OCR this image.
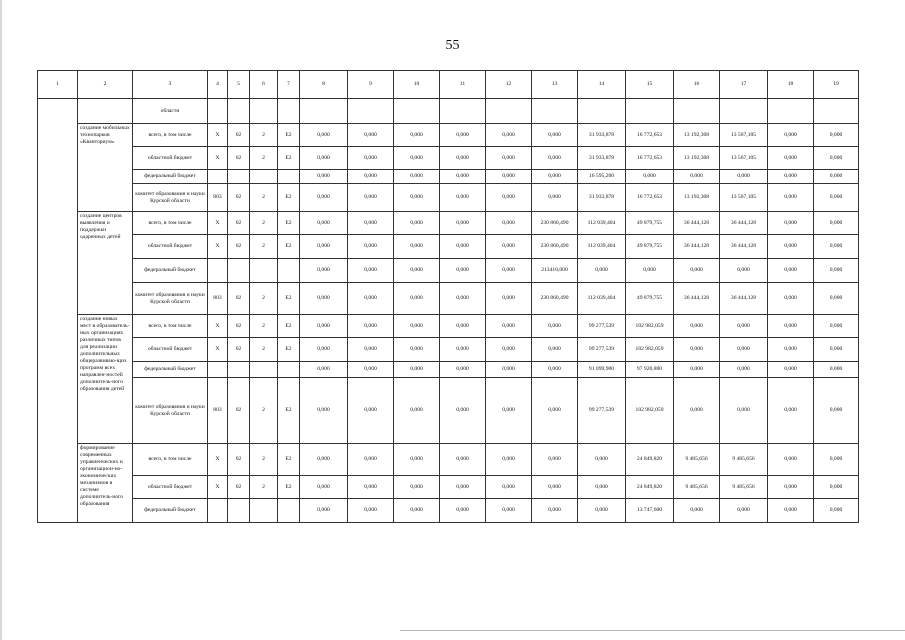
55
1	2	3	4	5	6	7	8	9	10	11	12	13	14	15	16	17	18	19
		области																
	создание мобильных технопарков «Кванториум»	всего, в том числе	X	02	2	E2	0,000	0,000	0,000	0,000	0,000	0,000	31 933,878	16 772,653	13 192,308	13 567,105	0,000	0,000
		областной бюджет	X	02	2	E2	0,000	0,000	0,000	0,000	0,000	0,000	31 933,878	16 772,653	13 192,308	13 567,105	0,000	0,000
		федеральный бюджет					0,000	0,000	0,000	0,000	0,000	0,000	16 595,200	0,000	0,000	0,000	0,000	0,000
		комитет образования и науки Курской области	803	02	2	E2	0,000	0,000	0,000	0,000	0,000	0,000	31 933,878	16 772,653	13 192,308	13 567,105	0,000	0,000
	создание центров выявления и поддержки одаренных детей	всего, в том числе	X	02	2	E2	0,000	0,000	0,000	0,000	0,000	230 860,490	112 039,404	49 879,755	36 444,128	36 444,128	0,000	0,000
		областной бюджет	X	02	2	E2	0,000	0,000	0,000	0,000	0,000	230 860,490	112 039,404	49 879,755	36 444,128	36 444,128	0,000	0,000
		федеральный бюджет					0,000	0,000	0,000	0,000	0,000	213410,000	0,000	0,000	0,000	0,000	0,000	0,000
		комитет образования и науки Курской области	803	02	2	E2	0,000	0,000	0,000	0,000	0,000	230 860,490	112 039,404	49 879,755	36 444,128	36 444,128	0,000	0,000
	создание новых мест в образователь-ных организациях различных типов для реализации дополнительных общеразвиваю-щих программ всех направлен-ностей дополнитель-ного образования детей	всего, в том числе	X	02	2	E2	0,000	0,000	0,000	0,000	0,000	0,000	99 277,539	102 982,059	0,000	0,000	0,000	0,000
		областной бюджет	X	02	2	E2	0,000	0,000	0,000	0,000	0,000	0,000	99 277,539	102 982,059	0,000	0,000	0,000	0,000
		федеральный бюджет					0,000	0,000	0,000	0,000	0,000	0,000	91 099,900	97 920,800	0,000	0,000	0,000	0,000
		комитет образования и науки Курской области	803	02	2	E2	0,000	0,000	0,000	0,000	0,000	0,000	99 277,539	102 982,059	0,000	0,000	0,000	0,000
	формирование современных управленческих и организацион-но-экономических механизмов в системе дополнитель-ного образования	всего, в том числе	X	02	2	E2	0,000	0,000	0,000	0,000	0,000	0,000	0,000	24 849,820	9 485,656	9 485,656	0,000	0,000
		областной бюджет	X	02	2	E2	0,000	0,000	0,000	0,000	0,000	0,000	0,000	24 849,820	9 485,656	9 485,656	0,000	0,000
		федеральный бюджет					0,000	0,000	0,000	0,000	0,000	0,000	0,000	13 747,600	0,000	0,000	0,000	0,000
